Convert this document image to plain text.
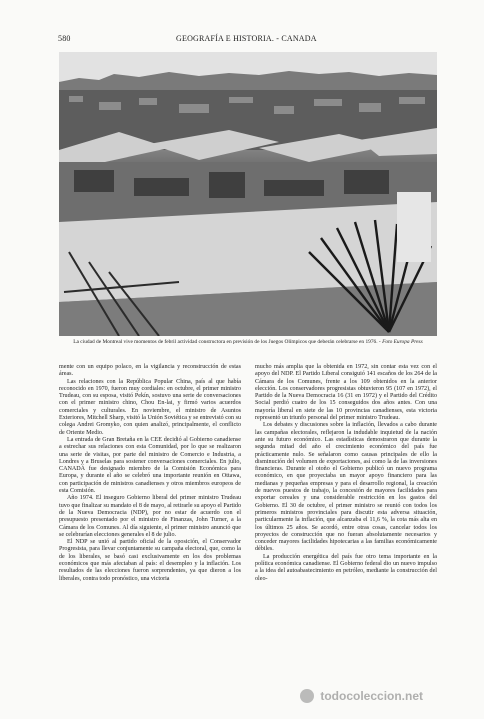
580	GEOGRAFÍA E HISTORIA. - CANADA
La ciudad de Montreal vive momentos de febril actividad constructora en previsión de los Juegos Olímpicos que deberán celebrarse en 1976. - Foto Europa Press

mente con un equipo polaco, en la vigilancia y reconstrucción de estas áreas.

Las relaciones con la República Popular China, país al que había reconocido en 1970, fueron muy cordiales: en octubre, el primer ministro Trudeau, con su esposa, visitó Pekín, sostuvo una serie de conversaciones con el primer ministro chino, Chou En-lai, y firmó varios acuerdos comerciales y culturales. En noviembre, el ministro de Asuntos Exteriores, Mitchell Sharp, visitó la Unión Soviética y se entrevistó con su colega Andrei Gromyko, con quien analizó, principalmente, el conflicto de Oriente Medio.

La entrada de Gran Bretaña en la CEE decidió al Gobierno canadiense a estrechar sus relaciones con esta Comunidad, por lo que se realizaron una serie de visitas, por parte del ministro de Comercio e Industria, a Londres y a Bruselas para sostener conversaciones comerciales. En julio, CANADÁ fue designado miembro de la Comisión Económica para Europa, y durante el año se celebró una importante reunión en Ottawa, con participación de ministros canadienses y otros miembros europeos de esta Comisión.

Año 1974. El inseguro Gobierno liberal del primer ministro Trudeau tuvo que finalizar su mandato el 8 de mayo, al retirarle su apoyo el Partido de la Nueva Democracia (NDP), por no estar de acuerdo con el presupuesto presentado por el ministro de Finanzas, John Turner, a la Cámara de los Comunes. Al día siguiente, el primer ministro anunció que se celebrarían elecciones generales el 8 de julio.

El NDP se unió al partido oficial de la oposición, el Conservador Progresista, para llevar conjuntamente su campaña electoral, que, como la de los liberales, se basó casi exclusivamente en los dos problemas económicos que más afectaban al país: el desempleo y la inflación. Los resultados de las elecciones fueron sorprendentes, ya que dieron a los liberales, contra todo pronóstico, una victoria

mucho más amplia que la obtenida en 1972, sin contar esta vez con el apoyo del NDP. El Partido Liberal consiguió 141 escaños de los 264 de la Cámara de los Comunes, frente a los 109 obtenidos en la anterior elección. Los conservadores progresistas obtuvieron 95 (107 en 1972), el Partido de la Nueva Democracia 16 (31 en 1972) y el Partido del Crédito Social perdió cuatro de los 15 conseguidos dos años antes. Con una mayoría liberal en siete de las 10 provincias canadienses, esta victoria representó un triunfo personal del primer ministro Trudeau.

Los debates y discusiones sobre la inflación, llevados a cabo durante las campañas electorales, reflejaron la indudable inquietud de la nación ante su futuro económico. Las estadísticas demostraron que durante la segunda mitad del año el crecimiento económico del país fue prácticamente nulo. Se señalaron como causas principales de ello la disminución del volumen de exportaciones, así como la de las inversiones financieras. Durante el otoño el Gobierno publicó un nuevo programa económico, en que proyectaba un mayor apoyo financiero para las medianas y pequeñas empresas y para el desarrollo regional, la creación de nuevos puestos de trabajo, la concesión de mayores facilidades para exportar cereales y una considerable restricción en los gastos del Gobierno. El 30 de octubre, el primer ministro se reunió con todos los primeros ministros provinciales para discutir esta adversa situación, particularmente la inflación, que alcanzaba el 11,6 %, la cota más alta en los últimos 25 años. Se acordó, entre otras cosas, cancelar todos los proyectos de construcción que no fueran absolutamente necesarios y conceder mayores facilidades hipotecarias a las familias económicamente débiles.

La producción energética del país fue otro tema importante en la política económica canadiense. El Gobierno federal dio un nuevo impulso a la idea del autoabastecimiento en petróleo, mediante la construcción del oleo-

todocoleccion.net
